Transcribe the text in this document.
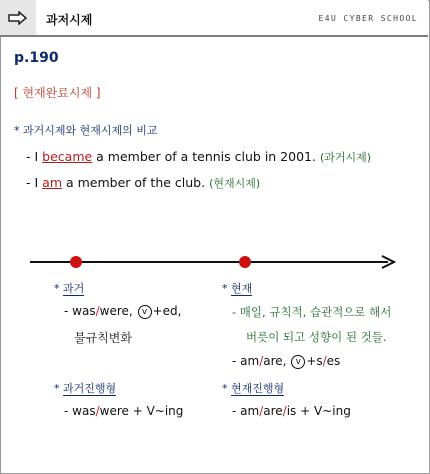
과저시제	E4U CYBER SCHOOL
p.190
[ 현재완료시제 ]
* 과거시제와 현재시제의 비교
- I became a member of a tennis club in 2001. (과거시제)
- I am a member of the club. (현재시제)
* 과거
- was/were, v +ed,
불규칙변화
* 현재
- 매일, 규칙적, 습관적으로 해서
버릇이 되고 성향이 된 것들.
- am/are, v +s/es
* 과거진행형
- was/were + V~ing
* 현재진행형
- am/are/is + V~ing
